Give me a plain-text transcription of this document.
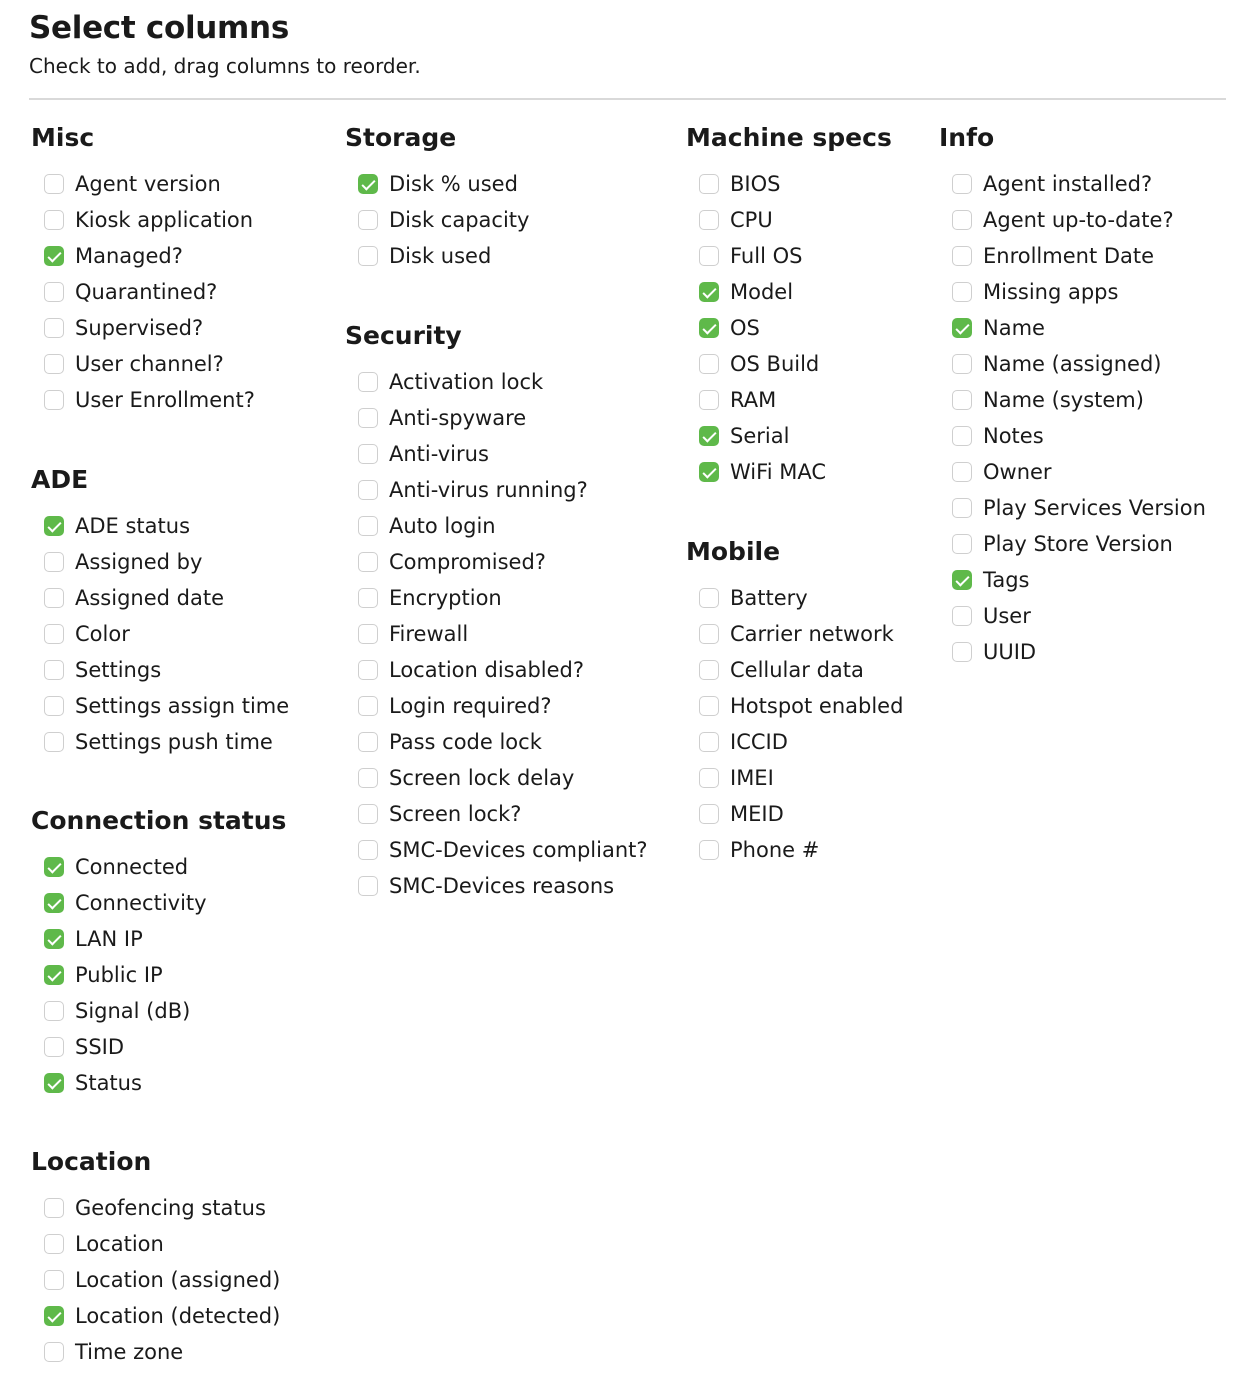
Select columns

Check to add, drag columns to reorder.

Misc
Agent version
Kiosk application
Managed?
Quarantined?
Supervised?
User channel?
User Enrollment?
ADE
ADE status
Assigned by
Assigned date
Color
Settings
Settings assign time
Settings push time
Connection status
Connected
Connectivity
LAN IP
Public IP
Signal (dB)
SSID
Status
Location
Geofencing status
Location
Location (assigned)
Location (detected)
Time zone
Storage
Disk % used
Disk capacity
Disk used
Security
Activation lock
Anti-spyware
Anti-virus
Anti-virus running?
Auto login
Compromised?
Encryption
Firewall
Location disabled?
Login required?
Pass code lock
Screen lock delay
Screen lock?
SMC-Devices compliant?
SMC-Devices reasons
Machine specs
BIOS
CPU
Full OS
Model
OS
OS Build
RAM
Serial
WiFi MAC
Mobile
Battery
Carrier network
Cellular data
Hotspot enabled
ICCID
IMEI
MEID
Phone #
Info
Agent installed?
Agent up-to-date?
Enrollment Date
Missing apps
Name
Name (assigned)
Name (system)
Notes
Owner
Play Services Version
Play Store Version
Tags
User
UUID
